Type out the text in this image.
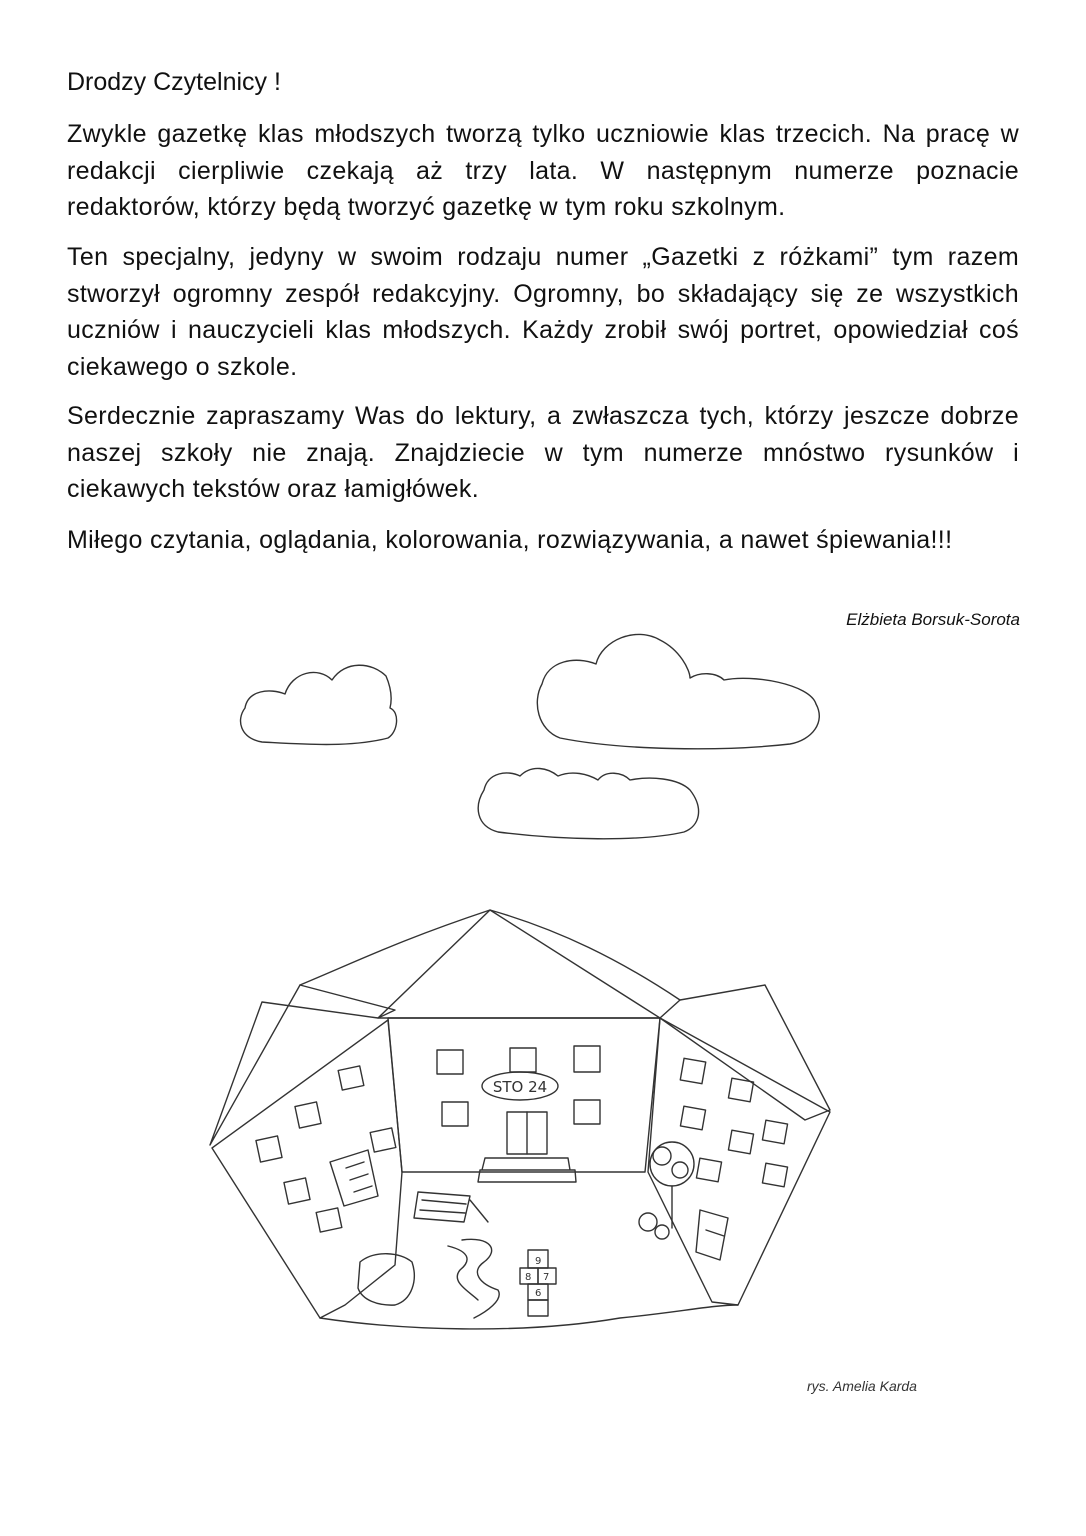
Drodzy Czytelnicy !

Zwykle gazetkę klas młodszych tworzą tylko uczniowie klas trzecich. Na pracę w redakcji cierpliwie czekają aż trzy lata. W następnym numerze poznacie redaktorów, którzy będą tworzyć gazetkę w tym roku szkolnym.

Ten specjalny, jedyny w swoim rodzaju numer „Gazetki z różkami” tym razem stworzył ogromny zespół redakcyjny. Ogromny, bo składający się ze wszystkich uczniów i nauczycieli klas młodszych. Każdy zrobił swój portret, opowiedział coś ciekawego o szkole.

Serdecznie zapraszamy Was do lektury, a zwłaszcza tych, którzy jeszcze dobrze naszej szkoły nie znają. Znajdziecie w tym numerze mnóstwo rysunków i ciekawych tekstów oraz łamigłówek.

Miłego czytania, oglądania, kolorowania, rozwiązywania, a nawet śpiewania!!!

Elżbieta Borsuk-Sorota

STO 24
9
8 7
6

rys. Amelia Karda
